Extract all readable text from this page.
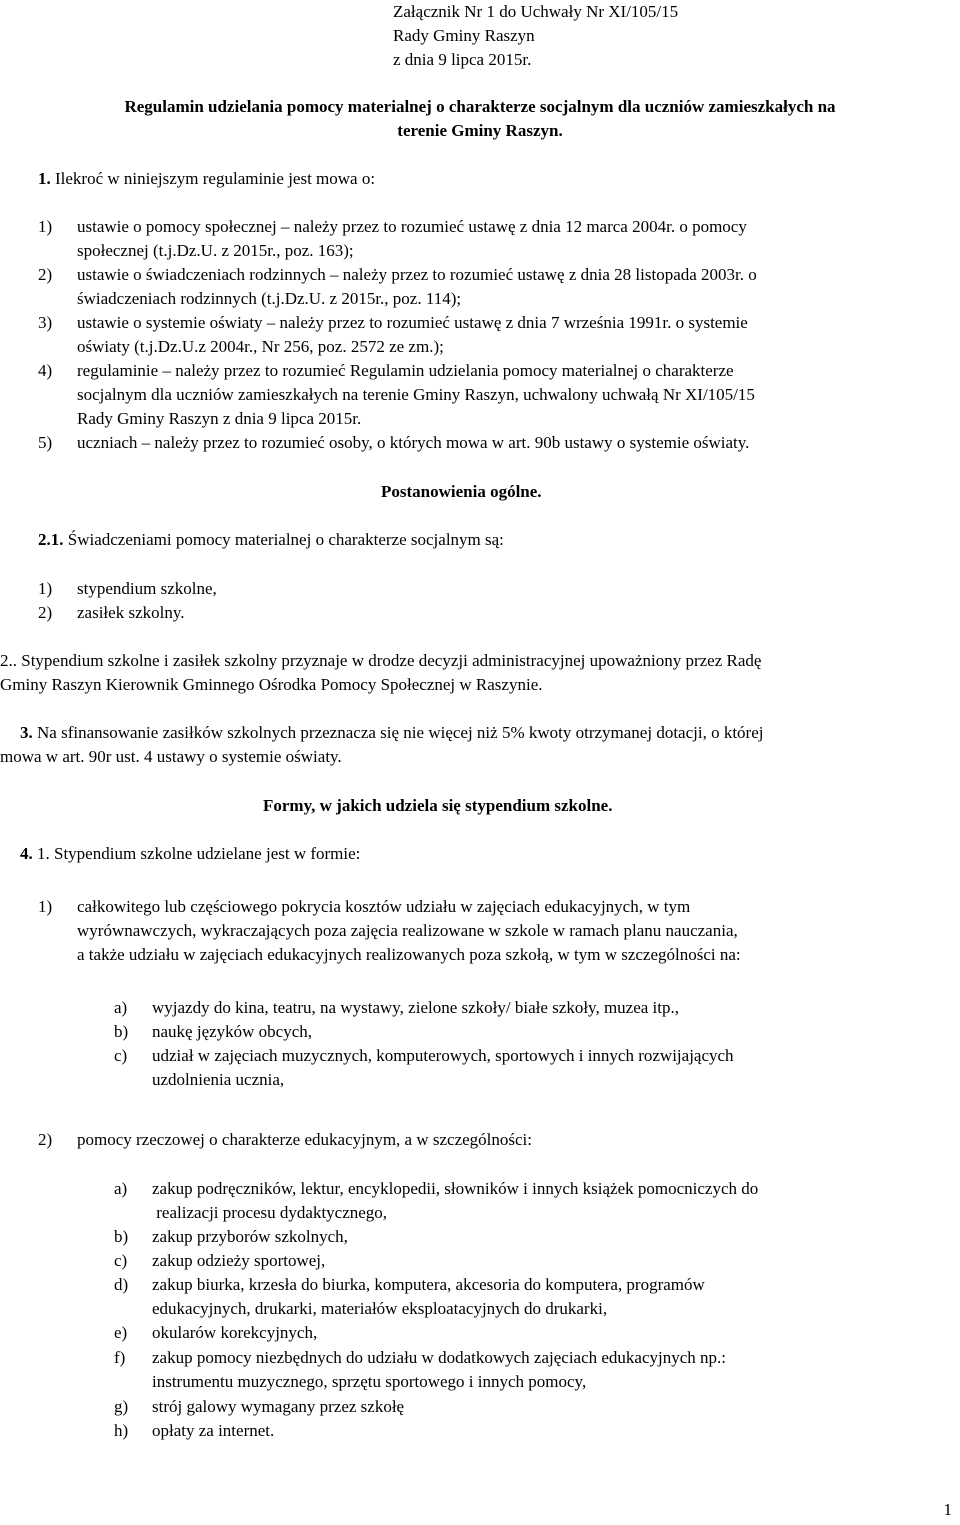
Załącznik Nr 1 do Uchwały Nr XI/105/15
Rady Gminy Raszyn
z dnia 9 lipca 2015r.
Regulamin udzielania pomocy materialnej o charakterze socjalnym dla uczniów zamieszkałych na
terenie Gminy Raszyn.
1. Ilekroć w niniejszym regulaminie jest mowa o:
1) ustawie o pomocy społecznej – należy przez to rozumieć ustawę z dnia 12 marca 2004r. o pomocy
społecznej (t.j.Dz.U. z 2015r., poz. 163);
2) ustawie o świadczeniach rodzinnych – należy przez to rozumieć ustawę z dnia 28 listopada 2003r. o
świadczeniach rodzinnych (t.j.Dz.U. z 2015r., poz. 114);
3) ustawie o systemie oświaty – należy przez to rozumieć ustawę z dnia 7 września 1991r. o systemie
oświaty (t.j.Dz.U.z 2004r., Nr 256, poz. 2572 ze zm.);
4) regulaminie – należy przez to rozumieć Regulamin udzielania pomocy materialnej o charakterze
socjalnym dla uczniów zamieszkałych na terenie Gminy Raszyn, uchwalony uchwałą Nr XI/105/15
Rady Gminy Raszyn z dnia 9 lipca 2015r.
5) uczniach – należy przez to rozumieć osoby, o których mowa w art. 90b ustawy o systemie oświaty.
Postanowienia ogólne.
2.1. Świadczeniami pomocy materialnej o charakterze socjalnym są:
1) stypendium szkolne,
2) zasiłek szkolny.
2.. Stypendium szkolne i zasiłek szkolny przyznaje w drodze decyzji administracyjnej upoważniony przez Radę
Gminy Raszyn Kierownik Gminnego Ośrodka Pomocy Społecznej w Raszynie.
3. Na sfinansowanie zasiłków szkolnych przeznacza się nie więcej niż 5% kwoty otrzymanej dotacji, o której
mowa w art. 90r ust. 4 ustawy o systemie oświaty.
Formy, w jakich udziela się stypendium szkolne.
4. 1. Stypendium szkolne udzielane jest w formie:
1) całkowitego lub częściowego pokrycia kosztów udziału w zajęciach edukacyjnych, w tym
wyrównawczych, wykraczających poza zajęcia realizowane w szkole w ramach planu nauczania,
a także udziału w zajęciach edukacyjnych realizowanych poza szkołą, w tym w szczególności na:
a) wyjazdy do kina, teatru, na wystawy, zielone szkoły/ białe szkoły, muzea itp.,
b) naukę języków obcych,
c) udział w zajęciach muzycznych, komputerowych, sportowych i innych rozwijających
uzdolnienia ucznia,
2) pomocy rzeczowej o charakterze edukacyjnym, a w szczególności:
a) zakup podręczników, lektur, encyklopedii, słowników i innych książek pomocniczych do
realizacji procesu dydaktycznego,
b) zakup przyborów szkolnych,
c) zakup odzieży sportowej,
d) zakup biurka, krzesła do biurka, komputera, akcesoria do komputera, programów
edukacyjnych, drukarki, materiałów eksploatacyjnych do drukarki,
e) okularów korekcyjnych,
f) zakup pomocy niezbędnych do udziału w dodatkowych zajęciach edukacyjnych np.:
instrumentu muzycznego, sprzętu sportowego i innych pomocy,
g) strój galowy wymagany przez szkołę
h) opłaty za internet.
1
